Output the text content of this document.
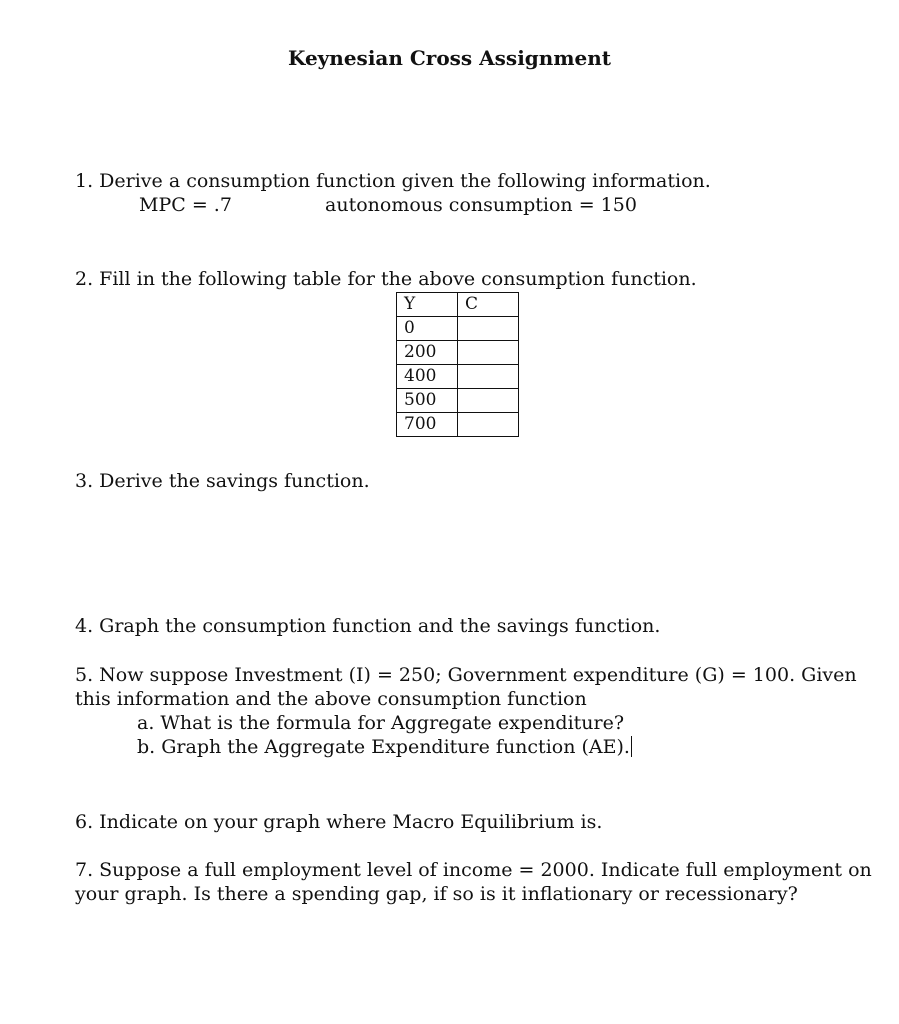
Keynesian Cross Assignment
1. Derive a consumption function given the following information.
MPC = .7	autonomous consumption = 150
2. Fill in the following table for the above consumption function.
Y	C
0	
200	
400	
500	
700	
3. Derive the savings function.
4. Graph the consumption function and the savings function.
5. Now suppose Investment (I) = 250; Government expenditure (G) = 100. Given
this information and the above consumption function
a. What is the formula for Aggregate expenditure?
b. Graph the Aggregate Expenditure function (AE).
6. Indicate on your graph where Macro Equilibrium is.
7. Suppose a full employment level of income = 2000. Indicate full employment on
your graph. Is there a spending gap, if so is it inflationary or recessionary?
